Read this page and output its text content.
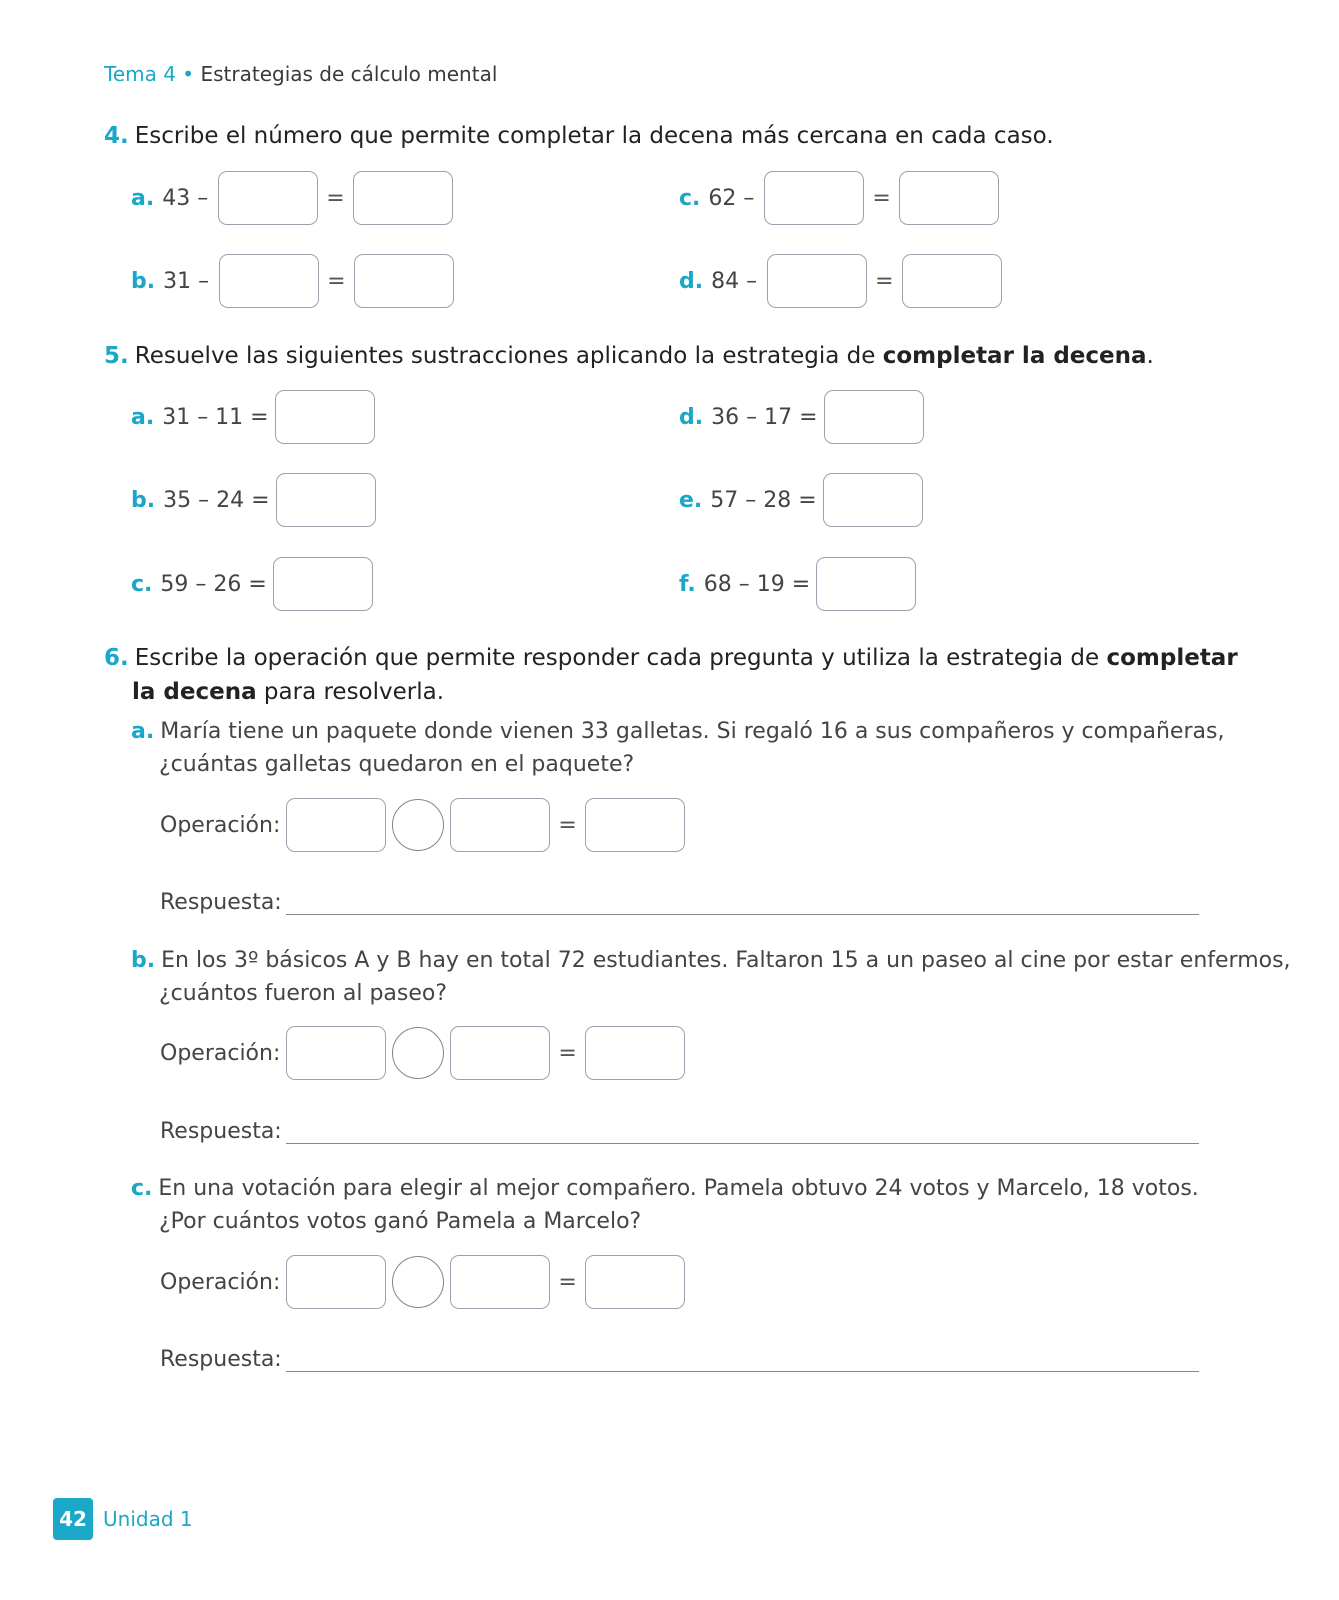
Tema 4 • Estrategias de cálculo mental
4. Escribe el número que permite completar la decena más cercana en cada caso.
a. 43 –	=
b. 31 –	=
c. 62 –	=
d. 84 –	=
5. Resuelve las siguientes sustracciones aplicando la estrategia de completar la decena.
a. 31 – 11 =
b. 35 – 24 =
c. 59 – 26 =
d. 36 – 17 =
e. 57 – 28 =
f. 68 – 19 =
6. Escribe la operación que permite responder cada pregunta y utiliza la estrategia de completar
la decena para resolverla.
a. María tiene un paquete donde vienen 33 galletas. Si regaló 16 a sus compañeros y compañeras,
¿cuántas galletas quedaron en el paquete?
Operación:	=
Respuesta:
b. En los 3º básicos A y B hay en total 72 estudiantes. Faltaron 15 a un paseo al cine por estar enfermos,
¿cuántos fueron al paseo?
Operación:	=
Respuesta:
c. En una votación para elegir al mejor compañero. Pamela obtuvo 24 votos y Marcelo, 18 votos.
¿Por cuántos votos ganó Pamela a Marcelo?
Operación:	=
Respuesta:
42 Unidad 1
